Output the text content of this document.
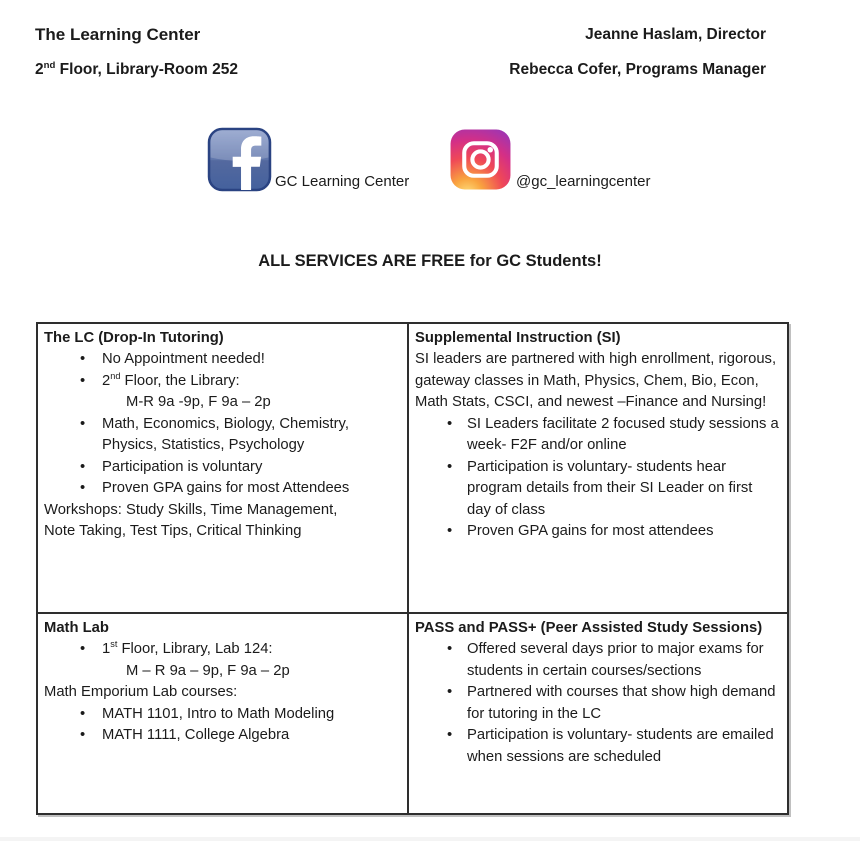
The Learning Center
2nd Floor, Library-Room 252
Jeanne Haslam, Director
Rebecca Cofer, Programs Manager
GC Learning Center	@gc_learningcenter
ALL SERVICES ARE FREE for GC Students!
The LC (Drop-In Tutoring)
• No Appointment needed!
• 2nd Floor, the Library:
M-R 9a -9p, F 9a – 2p
• Math, Economics, Biology, Chemistry, Physics, Statistics, Psychology
• Participation is voluntary
• Proven GPA gains for most Attendees

Workshops: Study Skills, Time Management, Note Taking, Test Tips, Critical Thinking

Supplemental Instruction (SI)

SI leaders are partnered with high enrollment, rigorous, gateway classes in Math, Physics, Chem, Bio, Econ, Math Stats, CSCI, and newest –Finance and Nursing!

• SI Leaders facilitate 2 focused study sessions a week- F2F and/or online
• Participation is voluntary- students hear program details from their SI Leader on first day of class
• Proven GPA gains for most attendees

Math Lab
• 1st Floor, Library, Lab 124:
M – R 9a – 9p, F 9a – 2p

Math Emporium Lab courses:

• MATH 1101, Intro to Math Modeling
• MATH 1111, College Algebra

PASS and PASS+ (Peer Assisted Study Sessions)
• Offered several days prior to major exams for students in certain courses/sections
• Partnered with courses that show high demand for tutoring in the LC
• Participation is voluntary- students are emailed when sessions are scheduled
